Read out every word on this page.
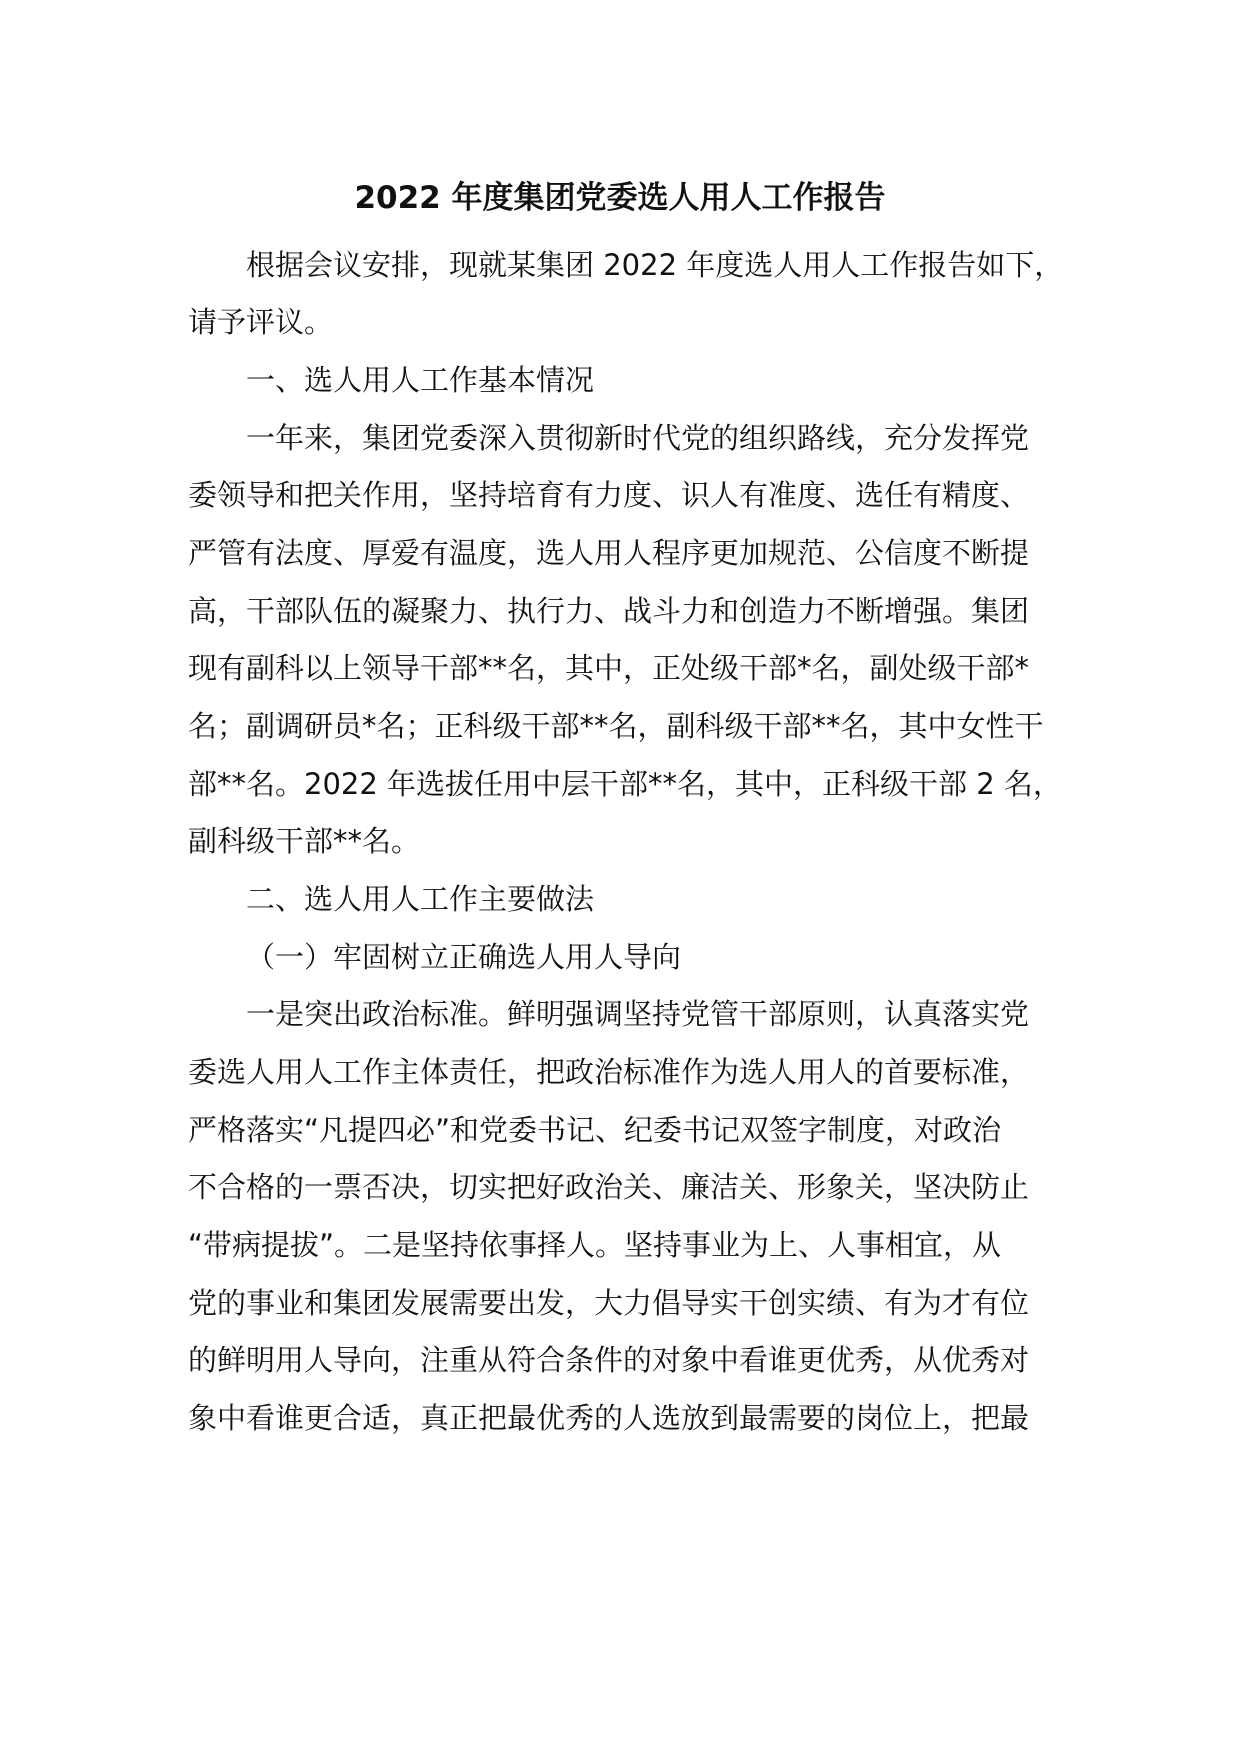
2022 年度集团党委选人用人工作报告

根据会议安排，现就某集团 2022 年度选人用人工作报告如下，

请予评议。

一、选人用人工作基本情况

一年来，集团党委深入贯彻新时代党的组织路线，充分发挥党

委领导和把关作用，坚持培育有力度、识人有准度、选任有精度、

严管有法度、厚爱有温度，选人用人程序更加规范、公信度不断提

高，干部队伍的凝聚力、执行力、战斗力和创造力不断增强。集团

现有副科以上领导干部**名，其中，正处级干部*名，副处级干部*

名；副调研员*名；正科级干部**名，副科级干部**名，其中女性干

部**名。2022 年选拔任用中层干部**名，其中，正科级干部 2 名，

副科级干部**名。

二、选人用人工作主要做法

（一）牢固树立正确选人用人导向

一是突出政治标准。鲜明强调坚持党管干部原则，认真落实党

委选人用人工作主体责任，把政治标准作为选人用人的首要标准，

严格落实“凡提四必”和党委书记、纪委书记双签字制度，对政治

不合格的一票否决，切实把好政治关、廉洁关、形象关，坚决防止

“带病提拔”。二是坚持依事择人。坚持事业为上、人事相宜，从

党的事业和集团发展需要出发，大力倡导实干创实绩、有为才有位

的鲜明用人导向，注重从符合条件的对象中看谁更优秀，从优秀对

象中看谁更合适，真正把最优秀的人选放到最需要的岗位上，把最
